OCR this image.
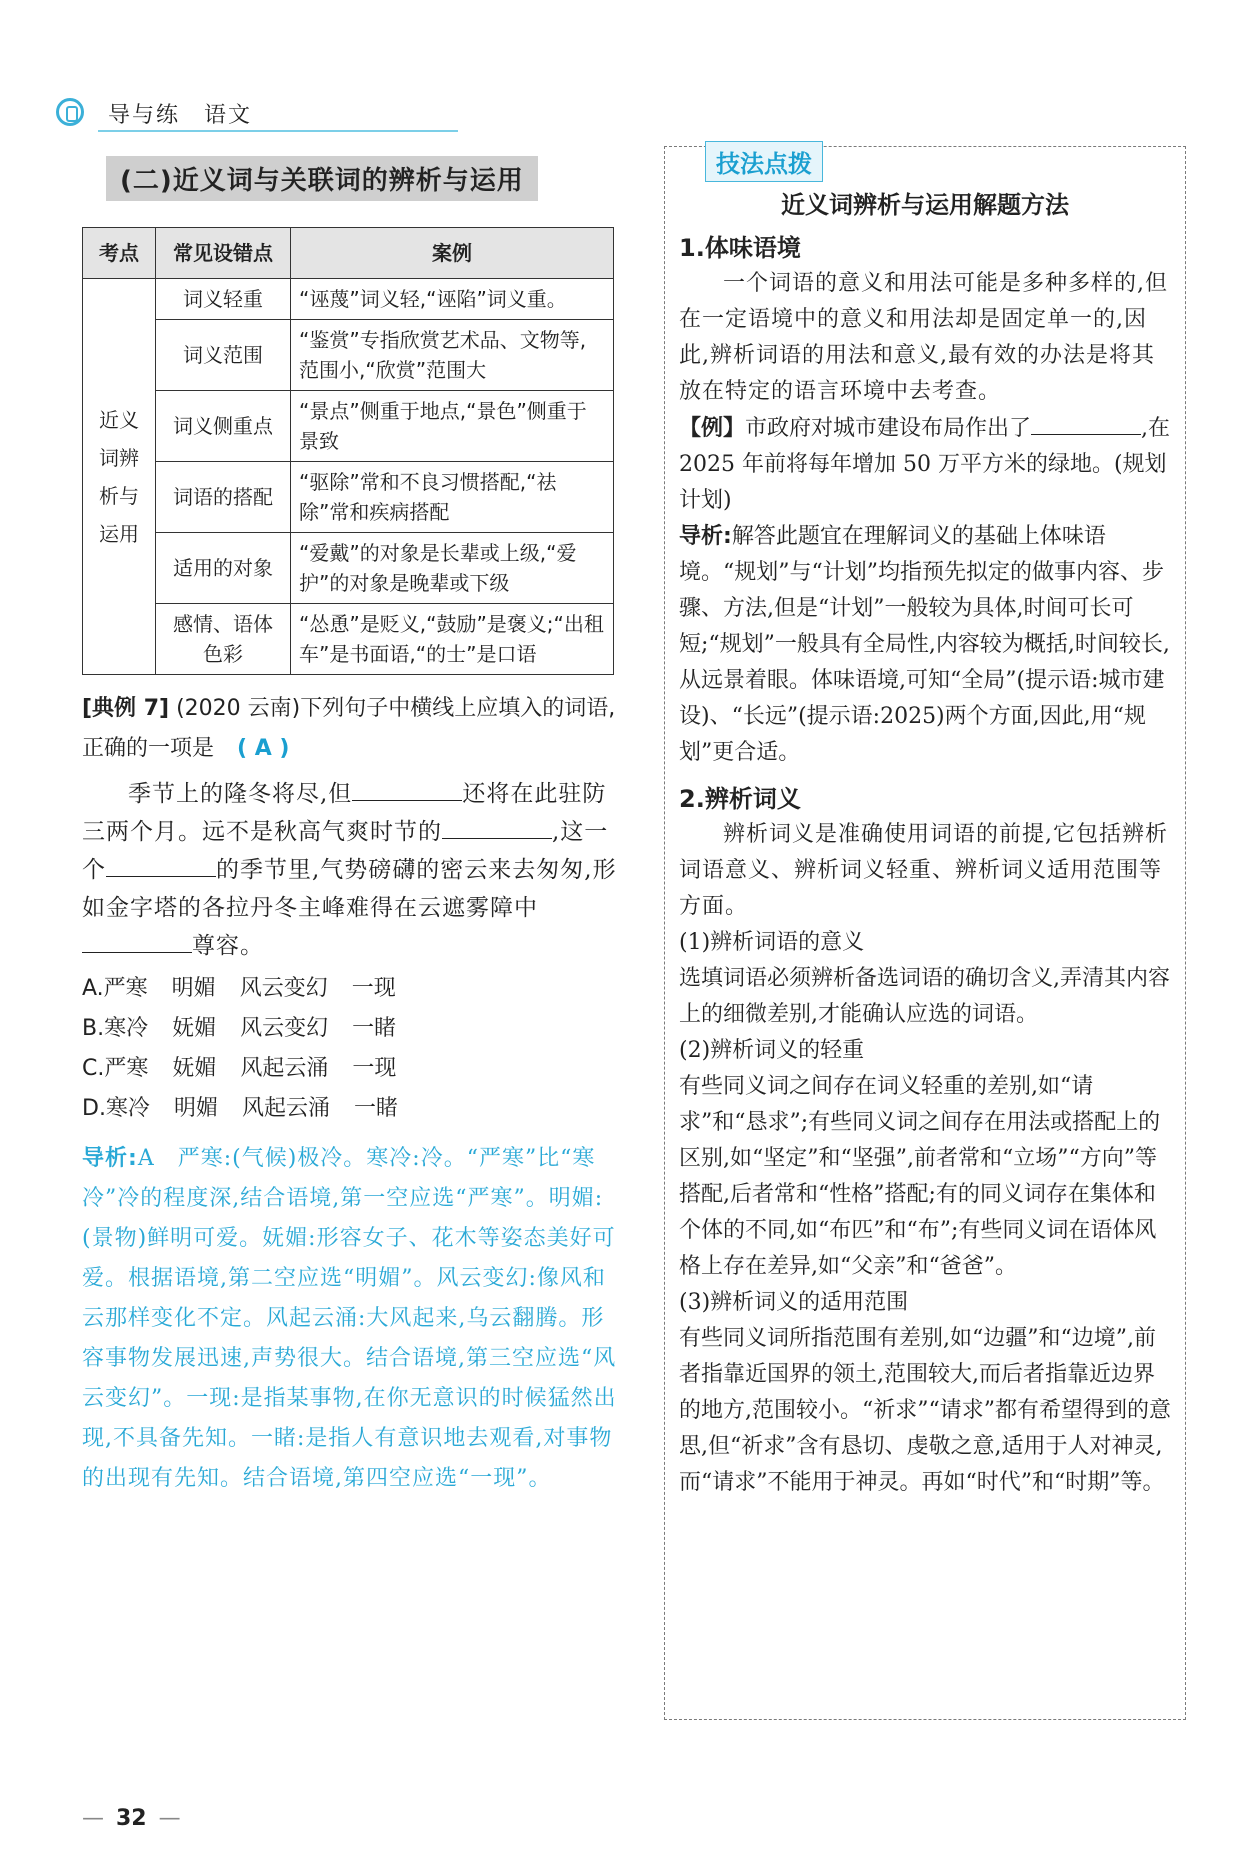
导与练　语文
(二)近义词与关联词的辨析与运用
考点	常见设错点	案例
近义词辨析与运用	词义轻重	“诬蔑”词义轻,“诬陷”词义重。
	词义范围	“鉴赏”专指欣赏艺术品、文物等,范围小,“欣赏”范围大
	词义侧重点	“景点”侧重于地点,“景色”侧重于景致
	词语的搭配	“驱除”常和不良习惯搭配,“祛除”常和疾病搭配
	适用的对象	“爱戴”的对象是长辈或上级,“爱护”的对象是晚辈或下级
	感情、语体色彩	“怂恿”是贬义,“鼓励”是褒义;“出租车”是书面语,“的士”是口语
[典例 7] (2020 云南)下列句子中横线上应填入的词语,正确的一项是 ( A )
季节上的隆冬将尽,但	还将在此驻防三两个月。远不是秋高气爽时节的	,这一个	的季节里,气势磅礴的密云来去匆匆,形如金字塔的各拉丹冬主峰难得在云遮雾障中尊容。
A.严寒 明媚 风云变幻 一现
B.寒冷 妩媚 风云变幻 一睹
C.严寒 妩媚 风起云涌 一现
D.寒冷 明媚 风起云涌 一睹
导析:A　严寒:(气候)极冷。寒冷:冷。“严寒”比“寒冷”冷的程度深,结合语境,第一空应选“严寒”。明媚:(景物)鲜明可爱。妩媚:形容女子、花木等姿态美好可爱。根据语境,第二空应选“明媚”。风云变幻:像风和云那样变化不定。风起云涌:大风起来,乌云翻腾。形容事物发展迅速,声势很大。结合语境,第三空应选“风云变幻”。一现:是指某事物,在你无意识的时候猛然出现,不具备先知。一睹:是指人有意识地去观看,对事物的出现有先知。结合语境,第四空应选“一现”。
技法点拨
近义词辨析与运用解题方法
1.体味语境
一个词语的意义和用法可能是多种多样的,但在一定语境中的意义和用法却是固定单一的,因此,辨析词语的用法和意义,最有效的办法是将其放在特定的语言环境中去考查。
【例】市政府对城市建设布局作出了	,在 2025 年前将每年增加 50 万平方米的绿地。(规划　计划)
导析:解答此题宜在理解词义的基础上体味语境。“规划”与“计划”均指预先拟定的做事内容、步骤、方法,但是“计划”一般较为具体,时间可长可短;“规划”一般具有全局性,内容较为概括,时间较长,从远景着眼。体味语境,可知“全局”(提示语:城市建设)、“长远”(提示语:2025)两个方面,因此,用“规划”更合适。
2.辨析词义
辨析词义是准确使用词语的前提,它包括辨析词语意义、辨析词义轻重、辨析词义适用范围等方面。
(1)辨析词语的意义
选填词语必须辨析备选词语的确切含义,弄清其内容上的细微差别,才能确认应选的词语。
(2)辨析词义的轻重
有些同义词之间存在词义轻重的差别,如“请求”和“恳求”;有些同义词之间存在用法或搭配上的区别,如“坚定”和“坚强”,前者常和“立场”“方向”等搭配,后者常和“性格”搭配;有的同义词存在集体和个体的不同,如“布匹”和“布”;有些同义词在语体风格上存在差异,如“父亲”和“爸爸”。
(3)辨析词义的适用范围
有些同义词所指范围有差别,如“边疆”和“边境”,前者指靠近国界的领土,范围较大,而后者指靠近边界的地方,范围较小。“祈求”“请求”都有希望得到的意思,但“祈求”含有恳切、虔敬之意,适用于人对神灵,而“请求”不能用于神灵。再如“时代”和“时期”等。
— 32 —
